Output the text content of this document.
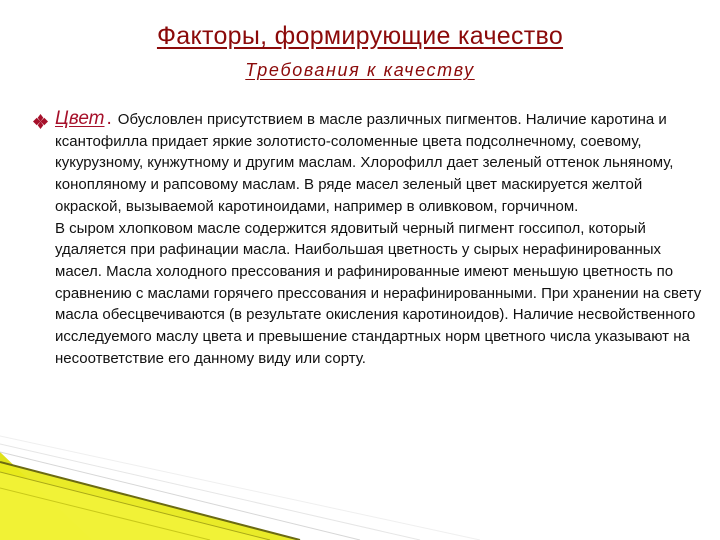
Факторы, формирующие качество
Требования к качеству

Цвет . Обусловлен присутствием в масле различных пигментов. Наличие каротина и ксантофилла придает яркие золотисто-соломенные цвета подсолнечному, соевому, кукурузному, кунжутному и другим маслам. Хлорофилл дает зеленый оттенок льняному, конопляному и рапсовому маслам. В ряде масел зеленый цвет маскируется желтой окраской, вызываемой каротиноидами, например в оливковом, горчичном.

В сыром хлопковом масле содержится ядовитый черный пигмент госсипол, который удаляется при рафинации масла. Наибольшая цветность у сырых нерафинированных масел. Масла холодного прессования и рафинированные имеют меньшую цветность по сравнению с маслами горячего прессования и нерафинированными. При хранении на свету масла обесцвечиваются (в результате окисления каротиноидов). Наличие несвойственного исследуемого маслу цвета и превышение стандартных норм цветного числа указывают на несоответствие его данному виду или сорту.
